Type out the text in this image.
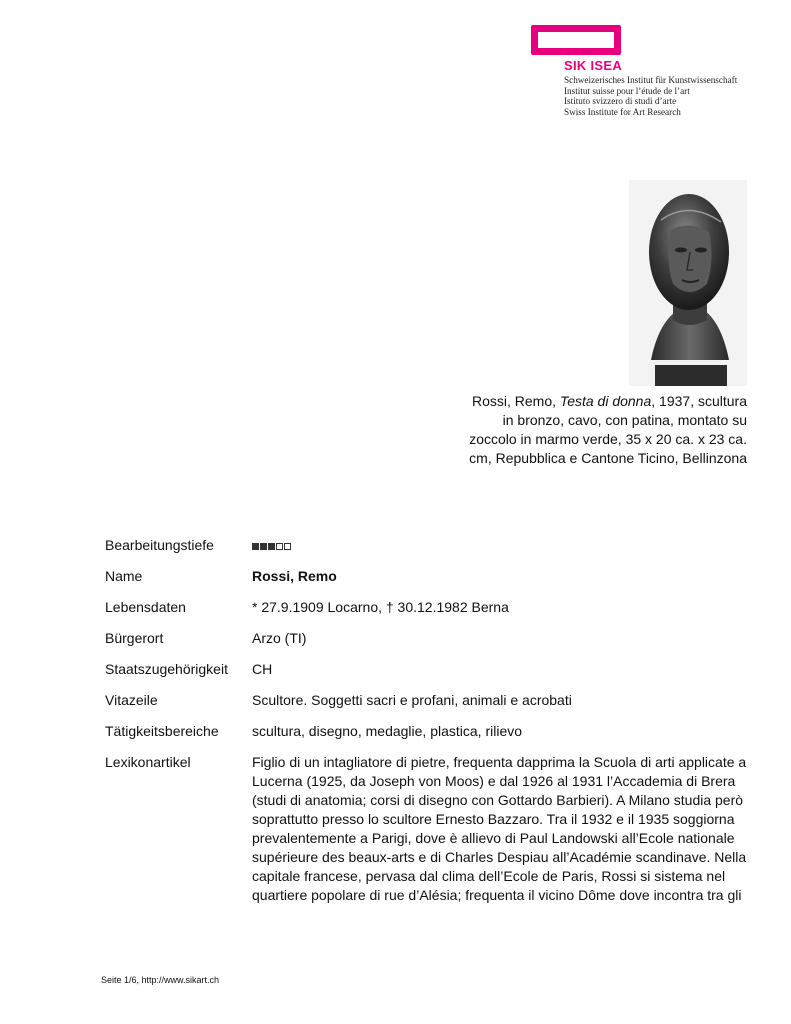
SIK ISEA
Schweizerisches Institut für Kunstwissenschaft
Institut suisse pour l’étude de l’art
Istituto svizzero di studi d’arte
Swiss Institute for Art Research
Rossi, Remo, Testa di donna, 1937, scultura in bronzo, cavo, con patina, montato su zoccolo in marmo verde, 35 x 20 ca. x 23 ca. cm, Repubblica e Cantone Ticino, Bellinzona
Bearbeitungstiefe
Name	Rossi, Remo
Lebensdaten	* 27.9.1909 Locarno, † 30.12.1982 Berna
Bürgerort	Arzo (TI)
Staatszugehörigkeit CH
Vitazeile	Scultore. Soggetti sacri e profani, animali e acrobati
Tätigkeitsbereiche scultura, disegno, medaglie, plastica, rilievo
Lexikonartikel	Figlio di un intagliatore di pietre, frequenta dapprima la Scuola di arti applicate a Lucerna (1925, da Joseph von Moos) e dal 1926 al 1931 l’Accademia di Brera (studi di anatomia; corsi di disegno con Gottardo Barbieri). A Milano studia però soprattutto presso lo scultore Ernesto Bazzaro. Tra il 1932 e il 1935 soggiorna prevalentemente a Parigi, dove è allievo di Paul Landowski all’Ecole nationale supérieure des beaux-arts e di Charles Despiau all’Académie scandinave. Nella capitale francese, pervasa dal clima dell’Ecole de Paris, Rossi si sistema nel quartiere popolare di rue d’Alésia; frequenta il vicino Dôme dove incontra tra gli
Seite 1/6, http://www.sikart.ch
